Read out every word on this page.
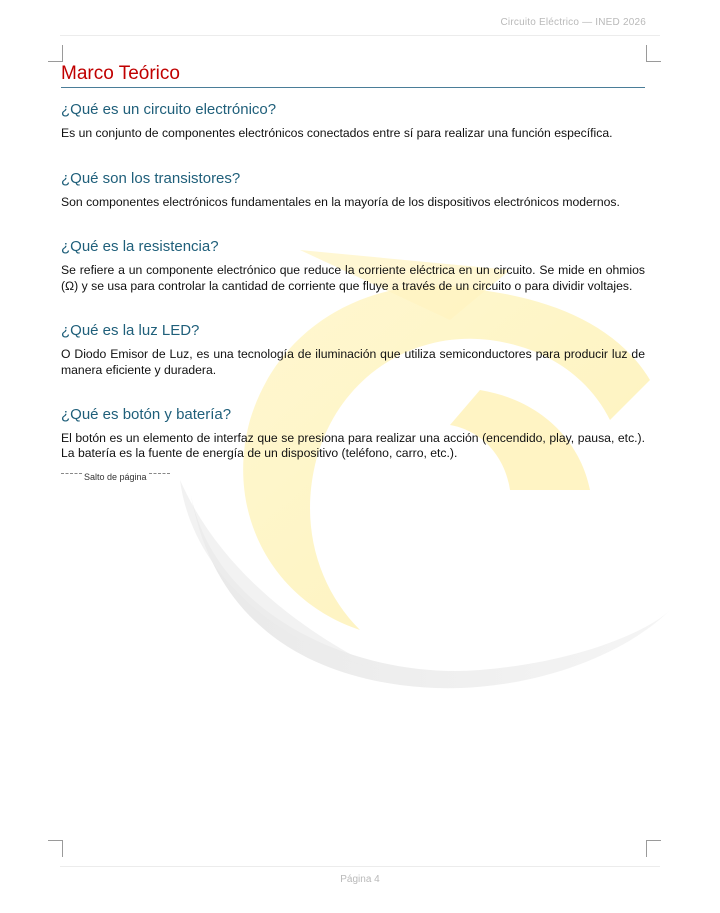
Circuito Eléctrico — INED 2026
Marco Teórico
¿Qué es un circuito electrónico?

Es un conjunto de componentes electrónicos conectados entre sí para realizar una función específica.

¿Qué son los transistores?

Son componentes electrónicos fundamentales en la mayoría de los dispositivos electrónicos modernos.

¿Qué es la resistencia?

Se refiere a un componente electrónico que reduce la corriente eléctrica en un circuito. Se mide en ohmios (Ω) y se usa para controlar la cantidad de corriente que fluye a través de un circuito o para dividir voltajes.

¿Qué es la luz LED?

O Diodo Emisor de Luz, es una tecnología de iluminación que utiliza semiconductores para producir luz de manera eficiente y duradera.

¿Qué es botón y batería?

El botón es un elemento de interfaz que se presiona para realizar una acción (encendido, play, pausa, etc.). La batería es la fuente de energía de un dispositivo (teléfono, carro, etc.).

Salto de página
Página 4
